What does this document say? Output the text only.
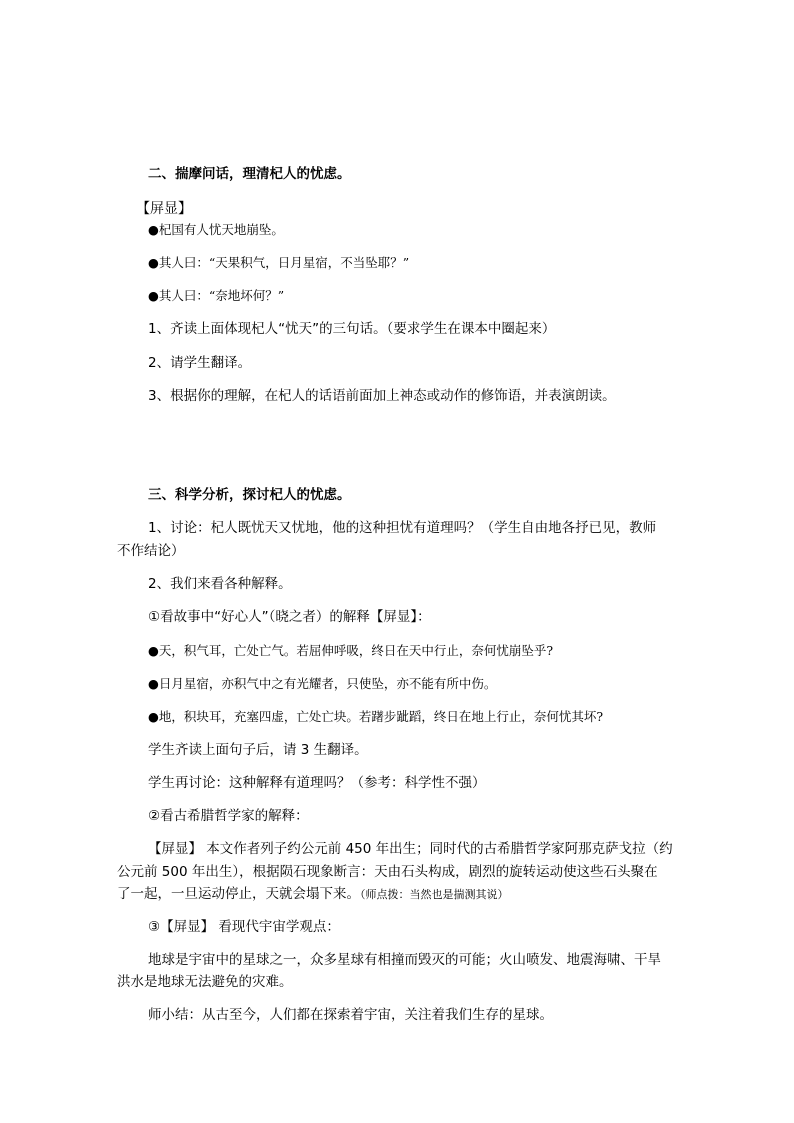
二、揣摩问话，理清杞人的忧虑。
【屏显】
●杞国有人忧天地崩坠。
●其人曰：“天果积气，日月星宿，不当坠耶？”
●其人曰：“奈地坏何？”
1、齐读上面体现杞人“忧天”的三句话。（要求学生在课本中圈起来）
2、请学生翻译。
3、根据你的理解，在杞人的话语前面加上神态或动作的修饰语，并表演朗读。
三、科学分析，探讨杞人的忧虑。
1、讨论：杞人既忧天又忧地，他的这种担忧有道理吗？（学生自由地各抒已见，教师
不作结论）
2、我们来看各种解释。
①看故事中“好心人”（晓之者）的解释【屏显】：
●天，积气耳，亡处亡气。若屈伸呼吸，终日在天中行止，奈何忧崩坠乎?
●日月星宿，亦积气中之有光耀者，只使坠，亦不能有所中伤。
●地，积块耳，充塞四虚，亡处亡块。若躇步跐蹈，终日在地上行止，奈何忧其坏?
学生齐读上面句子后，请 3 生翻译。
学生再讨论：这种解释有道理吗？（参考：科学性不强）
②看古希腊哲学家的解释：
【屏显】 本文作者列子约公元前 450 年出生；同时代的古希腊哲学家阿那克萨戈拉（约
公元前 500 年出生），根据陨石现象断言：天由石头构成，剧烈的旋转运动使这些石头聚在
了一起，一旦运动停止，天就会塌下来。（师点拨：当然也是揣测其说）
③【屏显】 看现代宇宙学观点：
地球是宇宙中的星球之一，众多星球有相撞而毁灭的可能；火山喷发、地震海啸、干旱
洪水是地球无法避免的灾难。
师小结：从古至今，人们都在探索着宇宙，关注着我们生存的星球。
